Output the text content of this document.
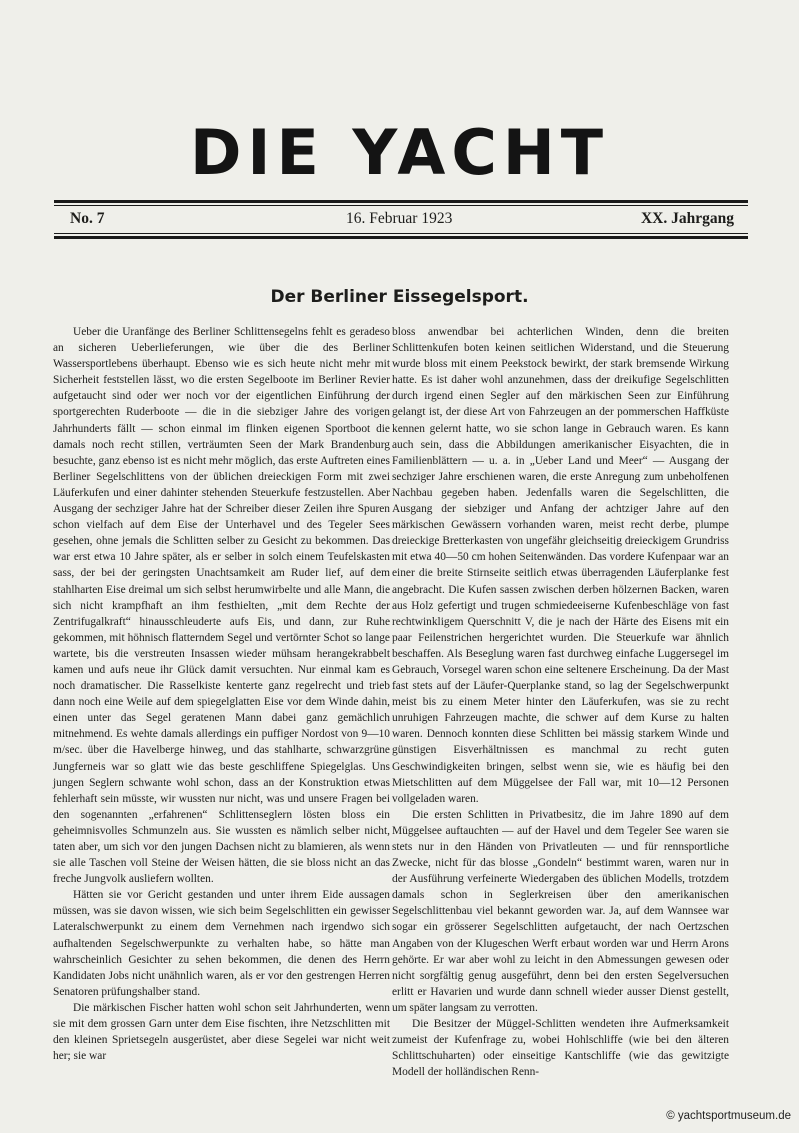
DIE YACHT
No. 7	16. Februar 1923	XX. Jahrgang
Der Berliner Eissegelsport.

Ueber die Uranfänge des Berliner Schlittensegelns fehlt es geradeso an sicheren Ueberlieferungen, wie über die des Berliner Wassersportlebens überhaupt. Ebenso wie es sich heute nicht mehr mit Sicherheit feststellen lässt, wo die ersten Segelboote im Berliner Revier aufgetaucht sind oder wer noch vor der eigentlichen Einführung der sportgerechten Ruderboote — die in die siebziger Jahre des vorigen Jahrhunderts fällt — schon einmal im flinken eigenen Sportboot die damals noch recht stillen, verträumten Seen der Mark Brandenburg besuchte, ganz ebenso ist es nicht mehr möglich, das erste Auftreten eines Berliner Segelschlittens von der üblichen dreieckigen Form mit zwei Läuferkufen und einer dahinter stehenden Steuerkufe festzustellen. Aber Ausgang der sechziger Jahre hat der Schreiber dieser Zeilen ihre Spuren schon vielfach auf dem Eise der Unterhavel und des Tegeler Sees gesehen, ohne jemals die Schlitten selber zu Gesicht zu bekommen. Das war erst etwa 10 Jahre später, als er selber in solch einem Teufelskasten sass, der bei der geringsten Unachtsamkeit am Ruder lief, auf dem stahlharten Eise dreimal um sich selbst herumwirbelte und alle Mann, die sich nicht krampfhaft an ihm festhielten, „mit dem Rechte der Zentrifugalkraft“ hinausschleuderte aufs Eis, und dann, zur Ruhe gekommen, mit höhnisch flatterndem Segel und vertörnter Schot so lange wartete, bis die verstreuten Insassen wieder mühsam herangekrabbelt kamen und aufs neue ihr Glück damit versuchten. Nur einmal kam es noch dramatischer. Die Rasselkiste kenterte ganz regelrecht und trieb dann noch eine Weile auf dem spiegelglatten Eise vor dem Winde dahin, einen unter das Segel geratenen Mann dabei ganz gemächlich mitnehmend. Es wehte damals allerdings ein puffiger Nordost von 9—10 m/sec. über die Havelberge hinweg, und das stahlharte, schwarzgrüne Jungferneis war so glatt wie das beste geschliffene Spiegelglas. Uns jungen Seglern schwante wohl schon, dass an der Konstruktion etwas fehlerhaft sein müsste, wir wussten nur nicht, was und unsere Fragen bei den sogenannten „erfahrenen“ Schlittenseglern lösten bloss ein geheimnisvolles Schmunzeln aus. Sie wussten es nämlich selber nicht, taten aber, um sich vor den jungen Dachsen nicht zu blamieren, als wenn sie alle Taschen voll Steine der Weisen hätten, die sie bloss nicht an das freche Jungvolk ausliefern wollten.

Hätten sie vor Gericht gestanden und unter ihrem Eide aussagen müssen, was sie davon wissen, wie sich beim Segelschlitten ein gewisser Lateralschwerpunkt zu einem dem Vernehmen nach irgendwo sich aufhaltenden Segelschwerpunkte zu verhalten habe, so hätte man wahrscheinlich Gesichter zu sehen bekommen, die denen des Herrn Kandidaten Jobs nicht unähnlich waren, als er vor den gestrengen Herren Senatoren prüfungshalber stand.

Die märkischen Fischer hatten wohl schon seit Jahrhunderten, wenn sie mit dem grossen Garn unter dem Eise fischten, ihre Netzschlitten mit den kleinen Sprietsegeln ausgerüstet, aber diese Segelei war nicht weit her; sie war

bloss anwendbar bei achterlichen Winden, denn die breiten Schlittenkufen boten keinen seitlichen Widerstand, und die Steuerung wurde bloss mit einem Peekstock bewirkt, der stark bremsende Wirkung hatte. Es ist daher wohl anzunehmen, dass der dreikufige Segelschlitten durch irgend einen Segler auf den märkischen Seen zur Einführung gelangt ist, der diese Art von Fahrzeugen an der pommerschen Haffküste kennen gelernt hatte, wo sie schon lange in Gebrauch waren. Es kann auch sein, dass die Abbildungen amerikanischer Eisyachten, die in Familienblättern — u. a. in „Ueber Land und Meer“ — Ausgang der sechziger Jahre erschienen waren, die erste Anregung zum unbeholfenen Nachbau gegeben haben. Jedenfalls waren die Segelschlitten, die Ausgang der siebziger und Anfang der achtziger Jahre auf den märkischen Gewässern vorhanden waren, meist recht derbe, plumpe dreieckige Bretterkasten von ungefähr gleichseitig dreieckigem Grundriss mit etwa 40—50 cm hohen Seitenwänden. Das vordere Kufenpaar war an einer die breite Stirnseite seitlich etwas überragenden Läuferplanke fest angebracht. Die Kufen sassen zwischen derben hölzernen Backen, waren aus Holz gefertigt und trugen schmiedeeiserne Kufenbeschläge von fast rechtwinkligem Querschnitt V, die je nach der Härte des Eisens mit ein paar Feilenstrichen hergerichtet wurden. Die Steuerkufe war ähnlich beschaffen. Als Beseglung waren fast durchweg einfache Luggersegel im Gebrauch, Vorsegel waren schon eine seltenere Erscheinung. Da der Mast fast stets auf der Läufer-Querplanke stand, so lag der Segelschwerpunkt meist bis zu einem Meter hinter den Läuferkufen, was sie zu recht unruhigen Fahrzeugen machte, die schwer auf dem Kurse zu halten waren. Dennoch konnten diese Schlitten bei mässig starkem Winde und günstigen Eisverhältnissen es manchmal zu recht guten Geschwindigkeiten bringen, selbst wenn sie, wie es häufig bei den Mietschlitten auf dem Müggelsee der Fall war, mit 10—12 Personen vollgeladen waren.

Die ersten Schlitten in Privatbesitz, die im Jahre 1890 auf dem Müggelsee auftauchten — auf der Havel und dem Tegeler See waren sie stets nur in den Händen von Privatleuten — und für rennsportliche Zwecke, nicht für das blosse „Gondeln“ bestimmt waren, waren nur in der Ausführung verfeinerte Wiedergaben des üblichen Modells, trotzdem damals schon in Seglerkreisen über den amerikanischen Segelschlittenbau viel bekannt geworden war. Ja, auf dem Wannsee war sogar ein grösserer Segelschlitten aufgetaucht, der nach Oertzschen Angaben von der Klugeschen Werft erbaut worden war und Herrn Arons gehörte. Er war aber wohl zu leicht in den Abmessungen gewesen oder nicht sorgfältig genug ausgeführt, denn bei den ersten Segelversuchen erlitt er Havarien und wurde dann schnell wieder ausser Dienst gestellt, um später langsam zu verrotten.

Die Besitzer der Müggel-Schlitten wendeten ihre Aufmerksamkeit zumeist der Kufenfrage zu, wobei Hohlschliffe (wie bei den älteren Schlittschuharten) oder einseitige Kantschliffe (wie das gewitzigte Modell der holländischen Renn-

© yachtsportmuseum.de
